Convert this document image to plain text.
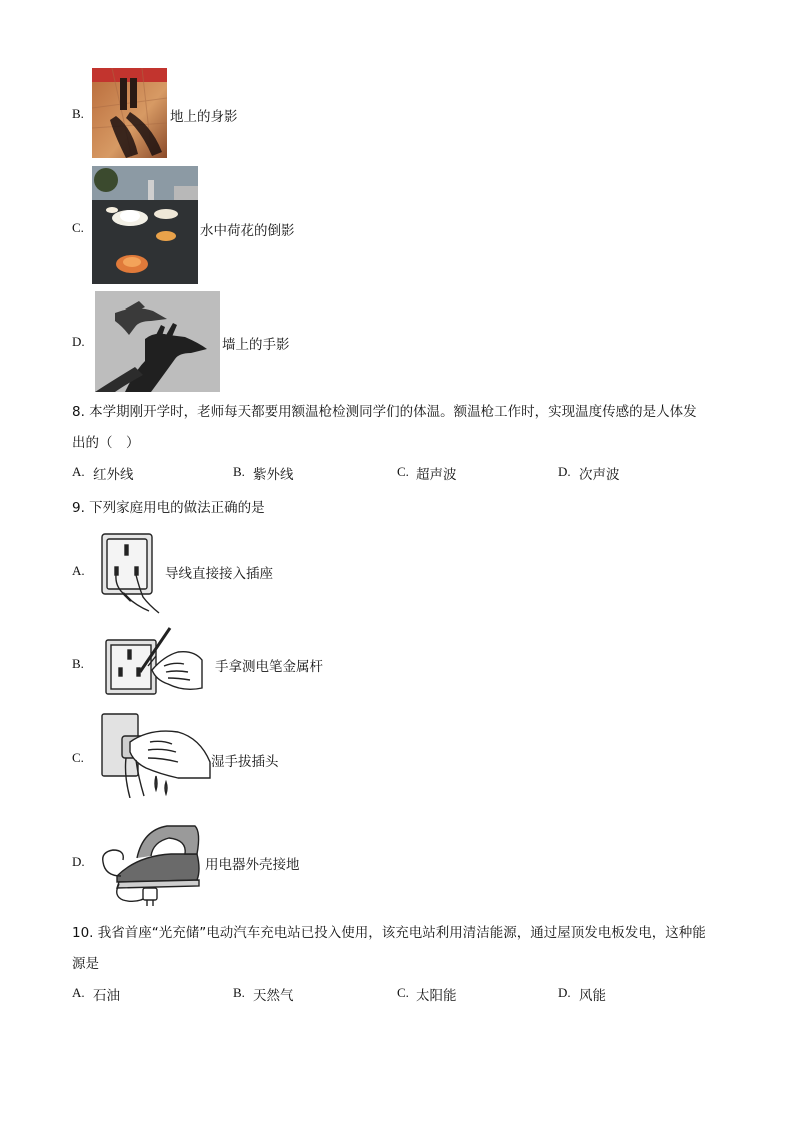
B.	地上的身影
C.	水中荷花的倒影
D.	墙上的手影
8. 本学期刚开学时，老师每天都要用额温枪检测同学们的体温。额温枪工作时，实现温度传感的是人体发
出的（　）
A. 红外线	B. 紫外线	C. 超声波	D. 次声波
9. 下列家庭用电的做法正确的是
A.	导线直接接入插座
B.	手拿测电笔金属杆
C.	湿手拔插头
D.	用电器外壳接地
10. 我省首座“光充储”电动汽车充电站已投入使用，该充电站利用清洁能源，通过屋顶发电板发电，这种能
源是
A. 石油	B. 天然气	C. 太阳能	D. 风能
